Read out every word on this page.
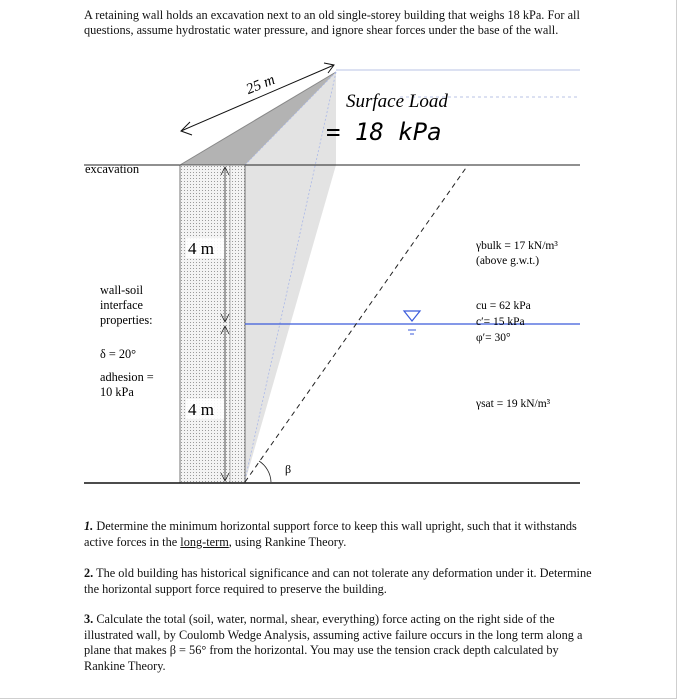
A retaining wall holds an excavation next to an old single-storey building that weighs 18 kPa. For all questions, assume hydrostatic water pressure, and ignore shear forces under the base of the wall.
25 m
Surface Load
= 18 kPa
excavation
4 m
4 m
wall-soil
interface
properties:
δ = 20°
adhesion =
10 kPa
γbulk = 17 kN/m³
(above g.w.t.)
cu = 62 kPa
c′= 15 kPa
φ′= 30°
γsat = 19 kN/m³
β
1. Determine the minimum horizontal support force to keep this wall upright, such that it withstands active forces in the long-term, using Rankine Theory.
2. The old building has historical significance and can not tolerate any deformation under it. Determine the horizontal support force required to preserve the building.
3. Calculate the total (soil, water, normal, shear, everything) force acting on the right side of the illustrated wall, by Coulomb Wedge Analysis, assuming active failure occurs in the long term along a plane that makes β = 56° from the horizontal. You may use the tension crack depth calculated by Rankine Theory.
